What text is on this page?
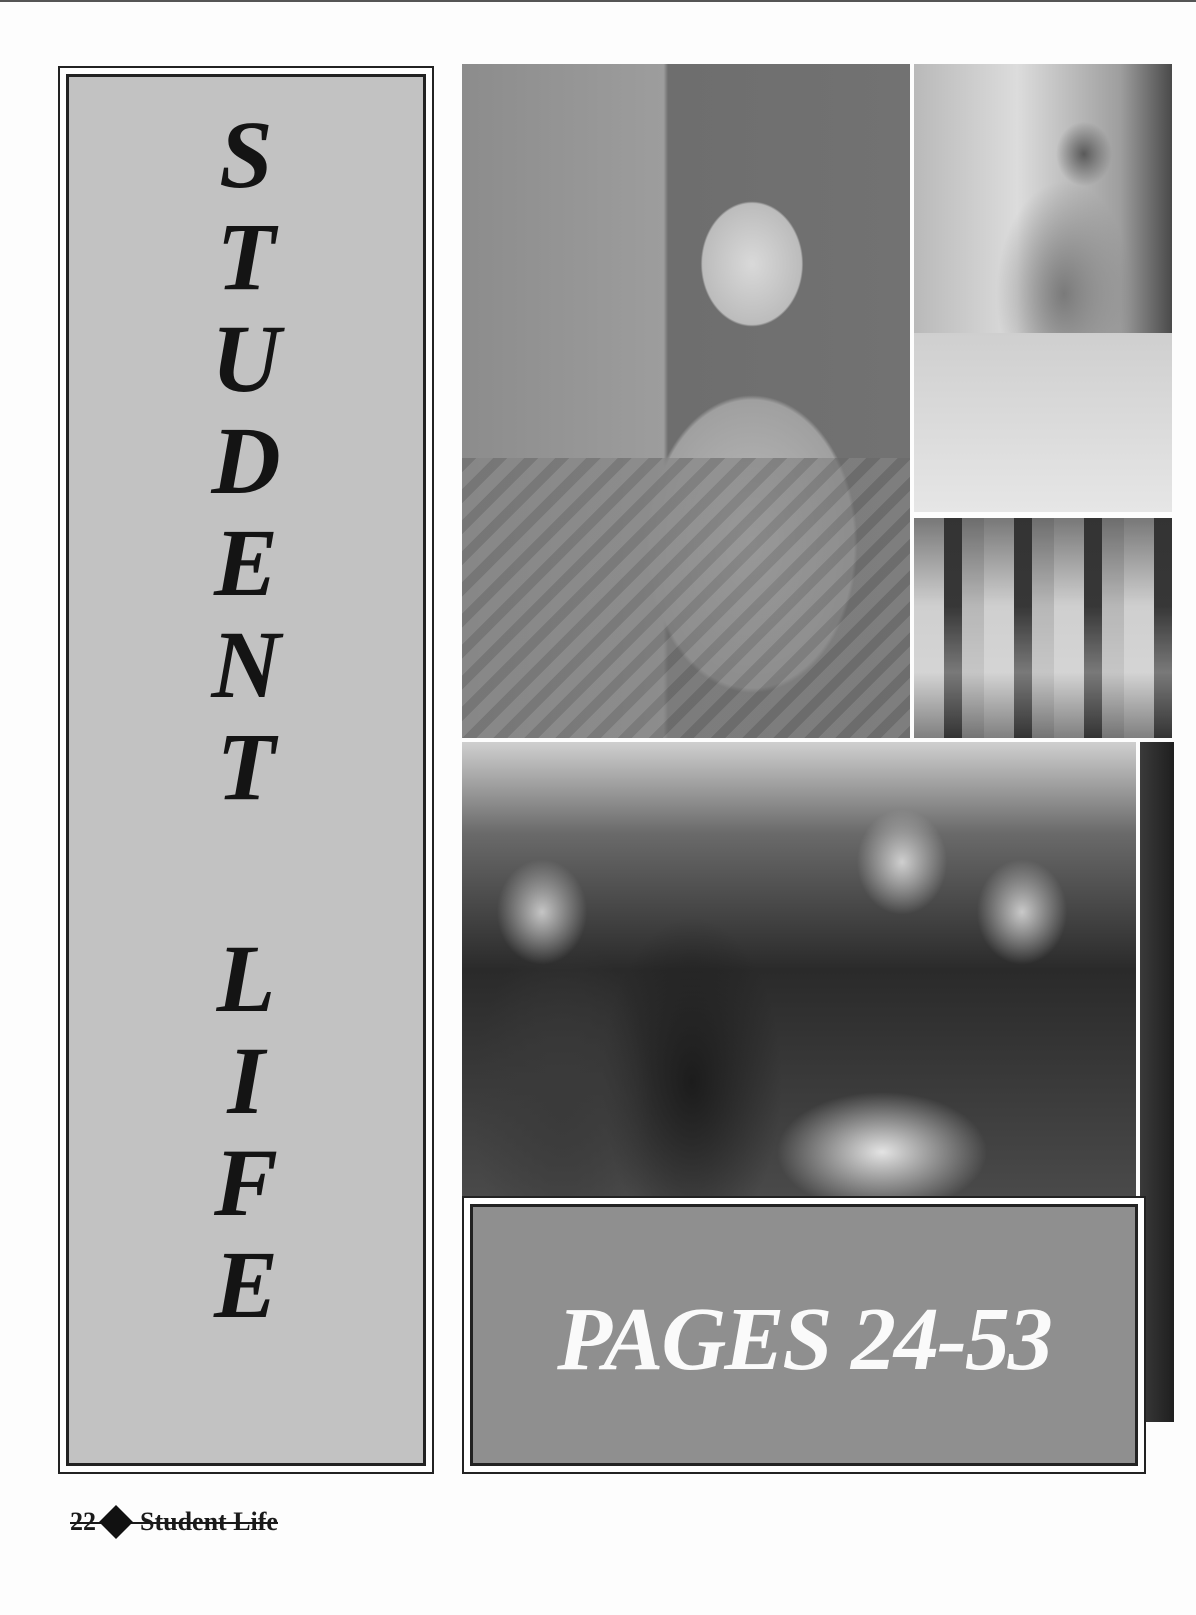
S
T
U
D
E
N
T
L
I
F
E
PAGES 24-53
22 Student Life
